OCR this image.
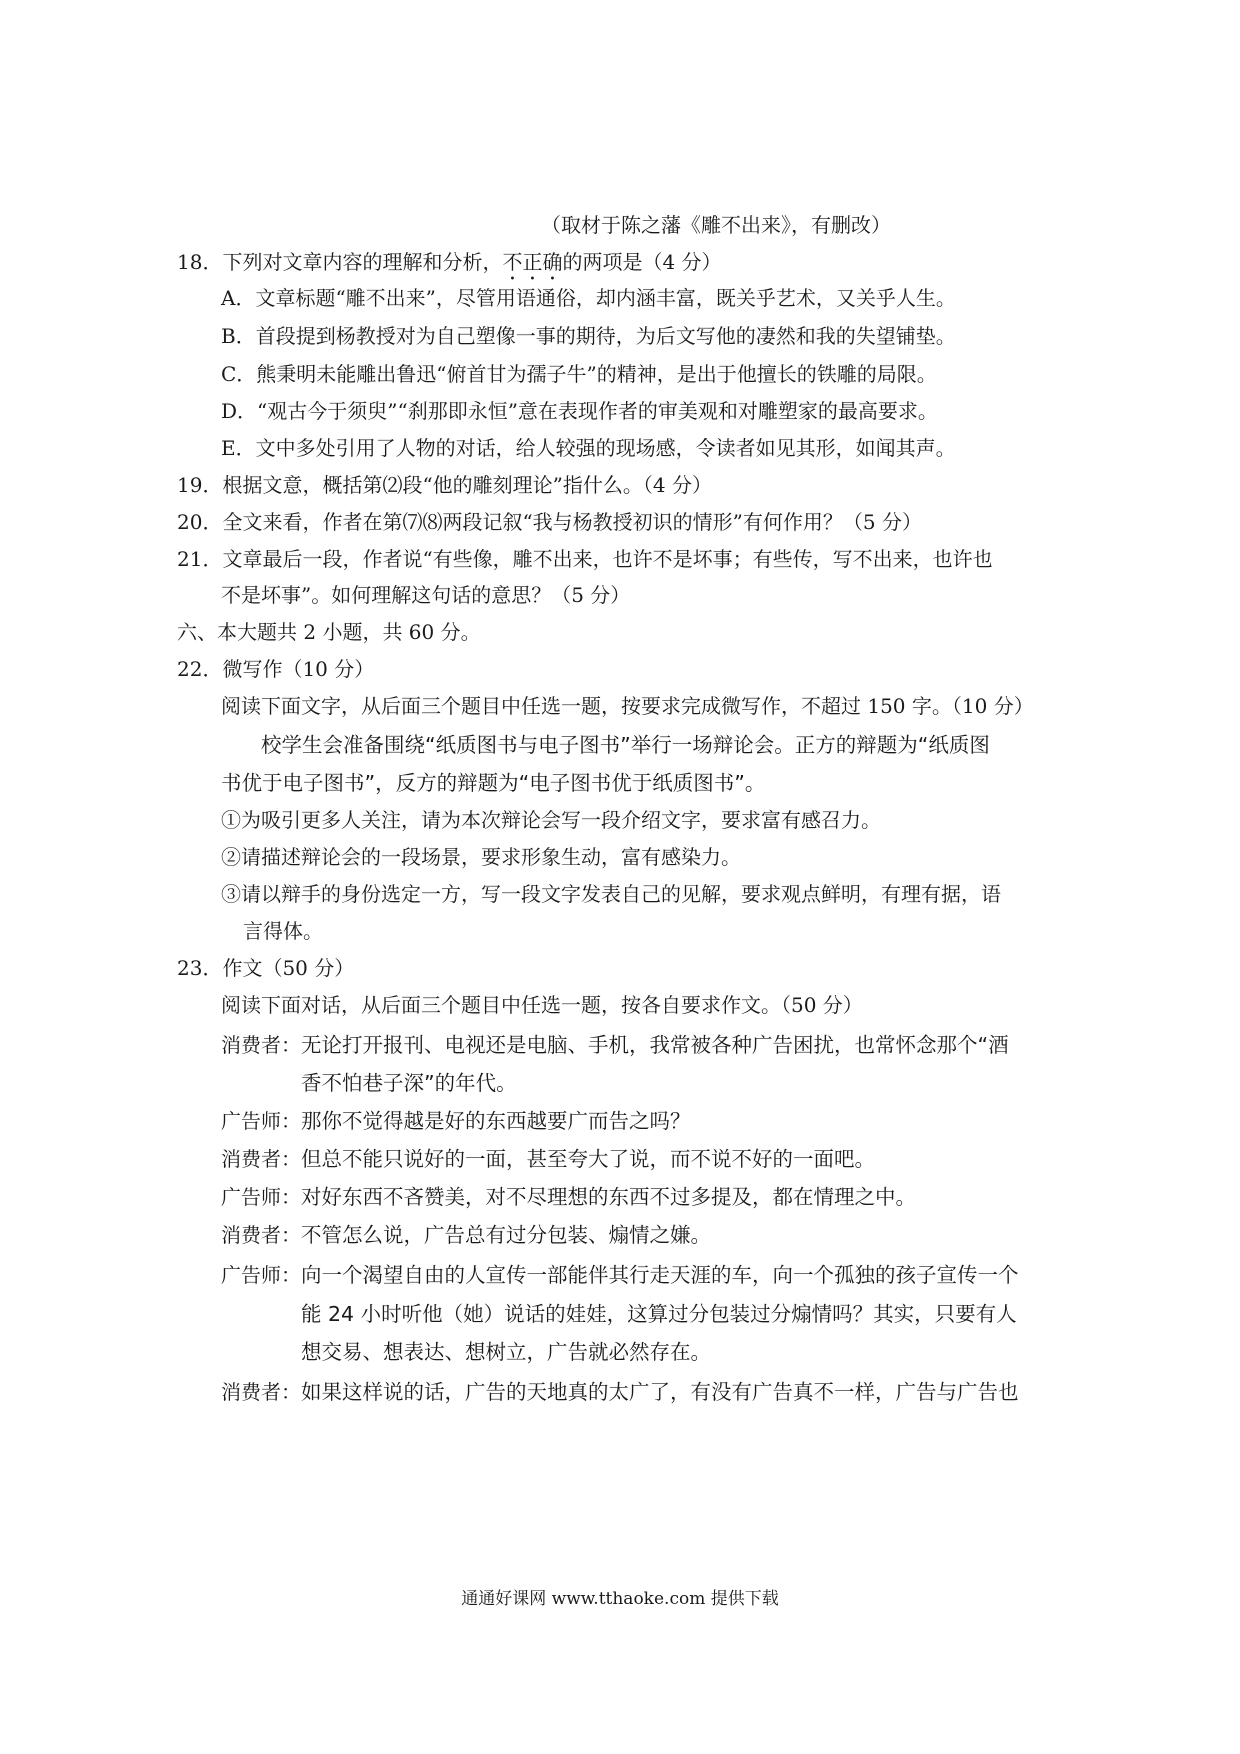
（取材于陈之藩《雕不出来》，有删改）
18．下列对文章内容的理解和分析，不正确的两项是（4 分）
A．文章标题“雕不出来”，尽管用语通俗，却内涵丰富，既关乎艺术，又关乎人生。
B．首段提到杨教授对为自己塑像一事的期待，为后文写他的凄然和我的失望铺垫。
C．熊秉明未能雕出鲁迅“俯首甘为孺子牛”的精神，是出于他擅长的铁雕的局限。
D．“观古今于须臾”“刹那即永恒”意在表现作者的审美观和对雕塑家的最高要求。
E．文中多处引用了人物的对话，给人较强的现场感，令读者如见其形，如闻其声。
19．根据文意，概括第⑵段“他的雕刻理论”指什么。（4 分）
20．全文来看，作者在第⑺⑻两段记叙“我与杨教授初识的情形”有何作用？（5 分）
21．文章最后一段，作者说“有些像，雕不出来，也许不是坏事；有些传，写不出来，也许也
不是坏事”。如何理解这句话的意思？（5 分）
六、本大题共 2 小题，共 60 分。
22．微写作（10 分）
阅读下面文字，从后面三个题目中任选一题，按要求完成微写作，不超过 150 字。（10 分）
校学生会准备围绕“纸质图书与电子图书”举行一场辩论会。正方的辩题为“纸质图
书优于电子图书”，反方的辩题为“电子图书优于纸质图书”。
①为吸引更多人关注，请为本次辩论会写一段介绍文字，要求富有感召力。
②请描述辩论会的一段场景，要求形象生动，富有感染力。
③请以辩手的身份选定一方，写一段文字发表自己的见解，要求观点鲜明，有理有据，语
言得体。
23．作文（50 分）
阅读下面对话，从后面三个题目中任选一题，按各自要求作文。（50 分）
消费者： 无论打开报刊、电视还是电脑、手机，我常被各种广告困扰，也常怀念那个“酒
香不怕巷子深”的年代。
广告师： 那你不觉得越是好的东西越要广而告之吗？
消费者： 但总不能只说好的一面，甚至夸大了说，而不说不好的一面吧。
广告师： 对好东西不吝赞美，对不尽理想的东西不过多提及，都在情理之中。
消费者： 不管怎么说，广告总有过分包装、煽情之嫌。
广告师： 向一个渴望自由的人宣传一部能伴其行走天涯的车，向一个孤独的孩子宣传一个
能 24 小时听他（她）说话的娃娃，这算过分包装过分煽情吗？其实，只要有人
想交易、想表达、想树立，广告就必然存在。
消费者： 如果这样说的话，广告的天地真的太广了，有没有广告真不一样，广告与广告也
通通好课网 www.tthaoke.com 提供下载
